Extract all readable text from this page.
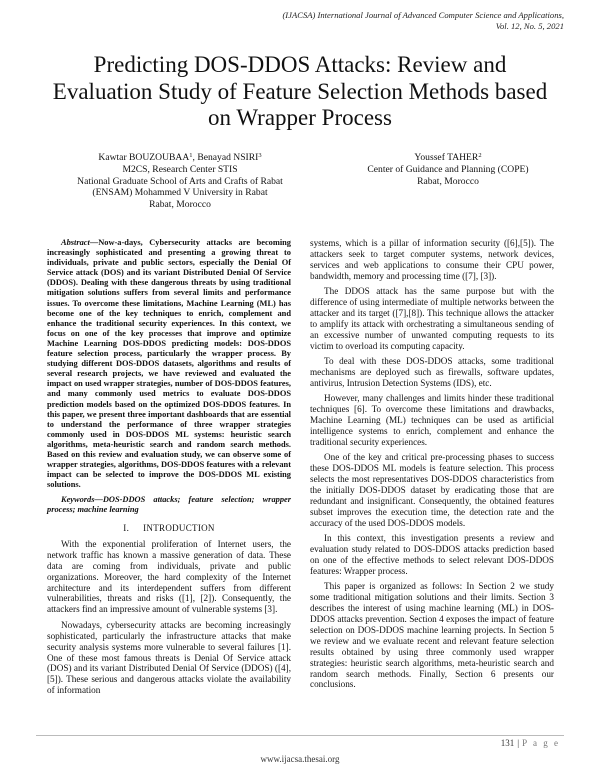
(IJACSA) International Journal of Advanced Computer Science and Applications,
Vol. 12, No. 5, 2021
Predicting DOS-DDOS Attacks: Review and
Evaluation Study of Feature Selection Methods based
on Wrapper Process
Kawtar BOUZOUBAA$^1$, Benayad NSIRI$^3$
M2CS, Research Center STIS
National Graduate School of Arts and Crafts of Rabat
(ENSAM) Mohammed V University in Rabat
Rabat, Morocco
Youssef TAHER$^2$
Center of Guidance and Planning (COPE)
Rabat, Morocco

Abstract—Now-a-days, Cybersecurity attacks are becoming increasingly sophisticated and presenting a growing threat to individuals, private and public sectors, especially the Denial Of Service attack (DOS) and its variant Distributed Denial Of Service (DDOS). Dealing with these dangerous threats by using traditional mitigation solutions suffers from several limits and performance issues. To overcome these limitations, Machine Learning (ML) has become one of the key techniques to enrich, complement and enhance the traditional security experiences. In this context, we focus on one of the key processes that improve and optimize Machine Learning DOS-DDOS predicting models: DOS-DDOS feature selection process, particularly the wrapper process. By studying different DOS-DDOS datasets, algorithms and results of several research projects, we have reviewed and evaluated the impact on used wrapper strategies, number of DOS-DDOS features, and many commonly used metrics to evaluate DOS-DDOS prediction models based on the optimized DOS-DDOS features. In this paper, we present three important dashboards that are essential to understand the performance of three wrapper strategies commonly used in DOS-DDOS ML systems: heuristic search algorithms, meta-heuristic search and random search methods. Based on this review and evaluation study, we can observe some of wrapper strategies, algorithms, DOS-DDOS features with a relevant impact can be selected to improve the DOS-DDOS ML existing solutions.

Keywords—DOS-DDOS attacks; feature selection; wrapper process; machine learning

I. INTRODUCTION

With the exponential proliferation of Internet users, the network traffic has known a massive generation of data. These data are coming from individuals, private and public organizations. Moreover, the hard complexity of the Internet architecture and its interdependent suffers from different vulnerabilities, threats and risks ([1], [2]). Consequently, the attackers find an impressive amount of vulnerable systems [3].

Nowadays, cybersecurity attacks are becoming increasingly sophisticated, particularly the infrastructure attacks that make security analysis systems more vulnerable to several failures [1]. One of these most famous threats is Denial Of Service attack (DOS) and its variant Distributed Denial Of Service (DDOS) ([4],[5]). These serious and dangerous attacks violate the availability of information

systems, which is a pillar of information security ([6],[5]). The attackers seek to target computer systems, network devices, services and web applications to consume their CPU power, bandwidth, memory and processing time ([7], [3]).

The DDOS attack has the same purpose but with the difference of using intermediate of multiple networks between the attacker and its target ([7],[8]). This technique allows the attacker to amplify its attack with orchestrating a simultaneous sending of an excessive number of unwanted computing requests to its victim to overload its computing capacity.

To deal with these DOS-DDOS attacks, some traditional mechanisms are deployed such as firewalls, software updates, antivirus, Intrusion Detection Systems (IDS), etc.

However, many challenges and limits hinder these traditional techniques [6]. To overcome these limitations and drawbacks, Machine Learning (ML) techniques can be used as artificial intelligence systems to enrich, complement and enhance the traditional security experiences.

One of the key and critical pre-processing phases to success these DOS-DDOS ML models is feature selection. This process selects the most representatives DOS-DDOS characteristics from the initially DOS-DDOS dataset by eradicating those that are redundant and insignificant. Consequently, the obtained features subset improves the execution time, the detection rate and the accuracy of the used DOS-DDOS models.

In this context, this investigation presents a review and evaluation study related to DOS-DDOS attacks prediction based on one of the effective methods to select relevant DOS-DDOS features: Wrapper process.

This paper is organized as follows: In Section 2 we study some traditional mitigation solutions and their limits. Section 3 describes the interest of using machine learning (ML) in DOS- DDOS attacks prevention. Section 4 exposes the impact of feature selection on DOS-DDOS machine learning projects. In Section 5 we review and we evaluate recent and relevant feature selection results obtained by using three commonly used wrapper strategies: heuristic search algorithms, meta-heuristic search and random search methods. Finally, Section 6 presents our conclusions.

131 | P a g e
www.ijacsa.thesai.org
